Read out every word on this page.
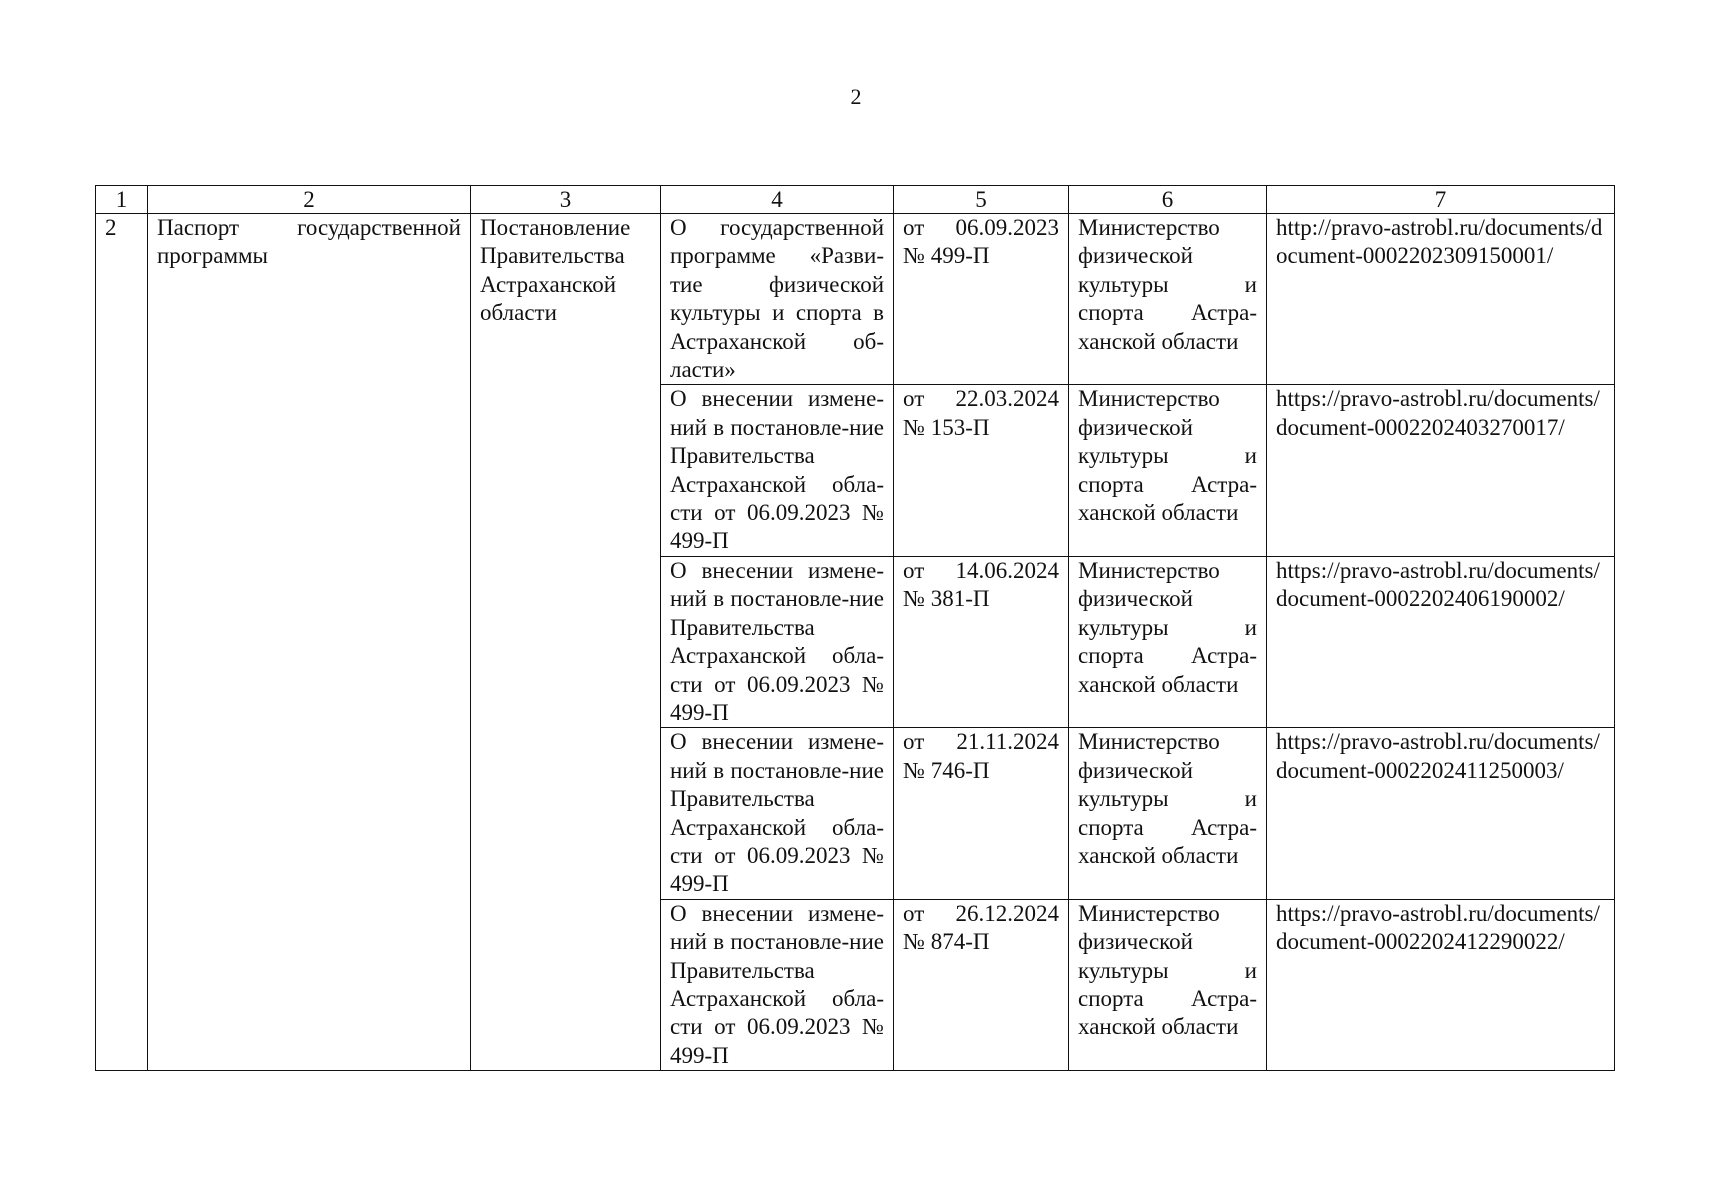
2
1	2	3	4	5	6	7
2	Паспорт государственной программы	Постановление Правительства Астраханской области	О государственной программе «Разви-тие физической культуры и спорта в Астраханской об-ласти»	от 06.09.2023 № 499-П	Министерство физической культуры и спорта Астра-ханской области	http://pravo-astrobl.ru/documents/document-0002202309150001/
			О внесении измене-ний в постановле-ние Правительства Астраханской обла-сти от 06.09.2023 № 499-П	от 22.03.2024 № 153-П	Министерство физической культуры и спорта Астра-ханской области	https://pravo-astrobl.ru/documents/document-0002202403270017/
			О внесении измене-ний в постановле-ние Правительства Астраханской обла-сти от 06.09.2023 № 499-П	от 14.06.2024 № 381-П	Министерство физической культуры и спорта Астра-ханской области	https://pravo-astrobl.ru/documents/document-0002202406190002/
			О внесении измене-ний в постановле-ние Правительства Астраханской обла-сти от 06.09.2023 № 499-П	от 21.11.2024 № 746-П	Министерство физической культуры и спорта Астра-ханской области	https://pravo-astrobl.ru/documents/document-0002202411250003/
			О внесении измене-ний в постановле-ние Правительства Астраханской обла-сти от 06.09.2023 № 499-П	от 26.12.2024 № 874-П	Министерство физической культуры и спорта Астра-ханской области	https://pravo-astrobl.ru/documents/document-0002202412290022/
